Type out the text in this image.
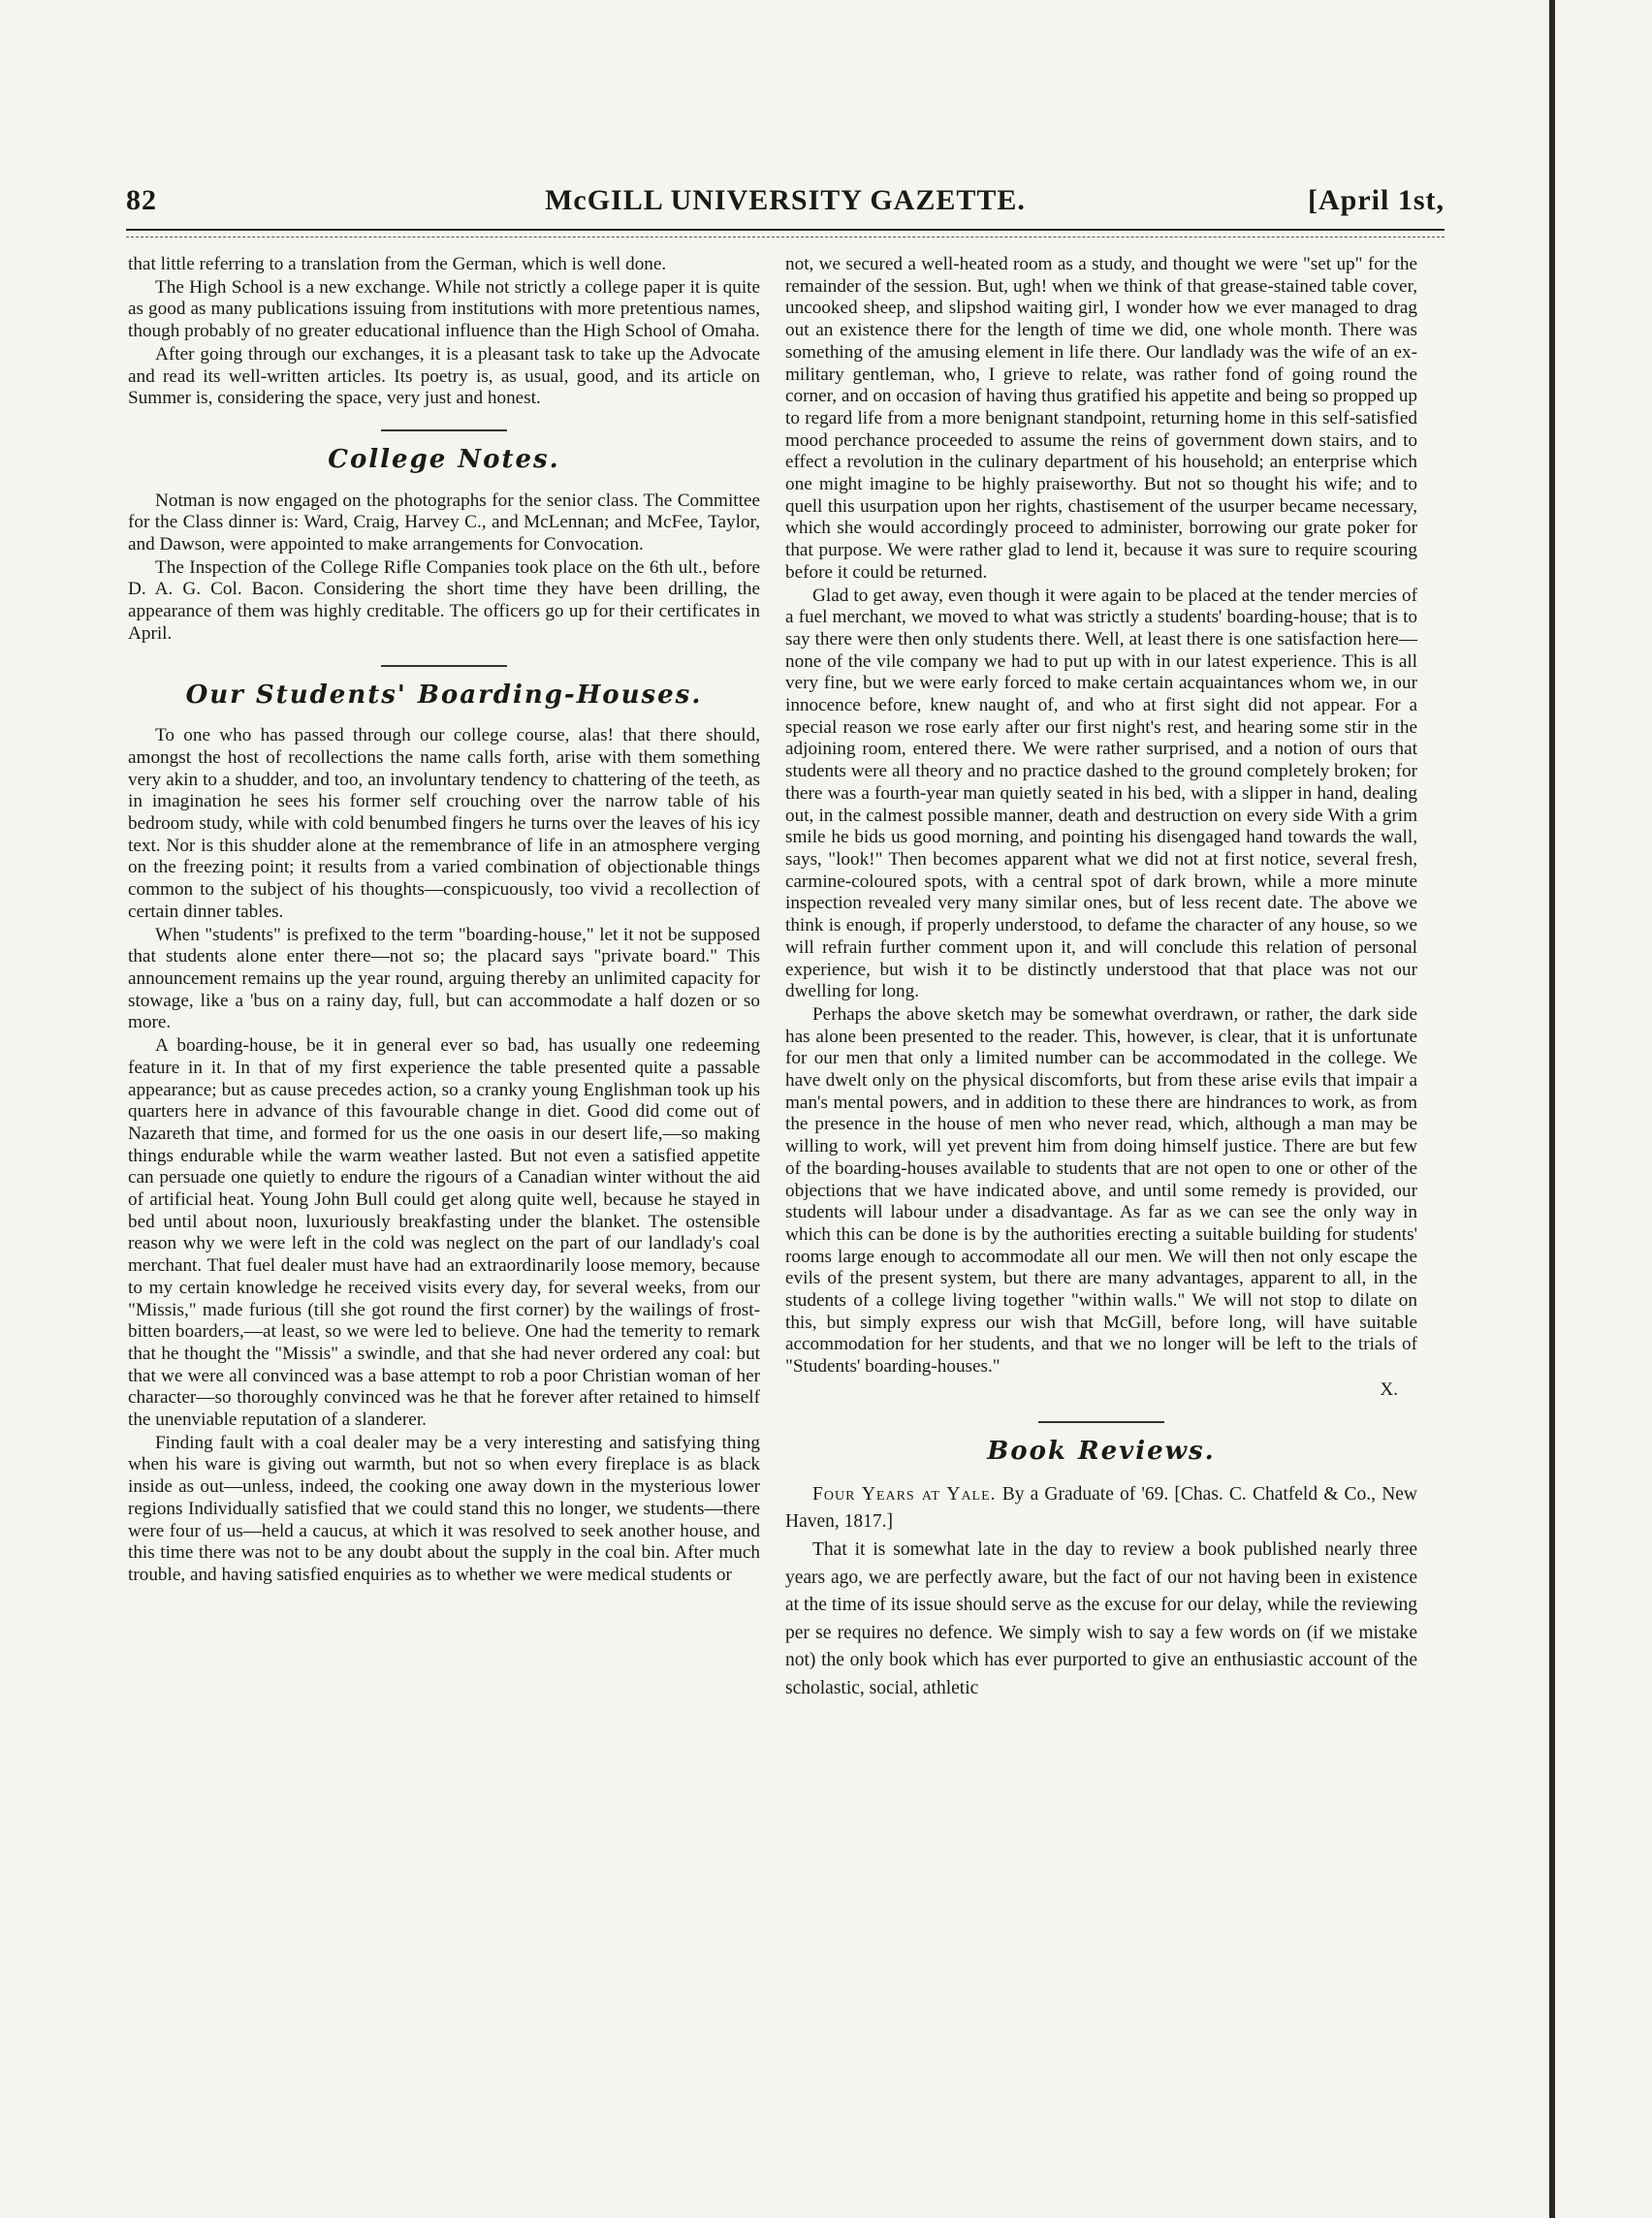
82	McGILL UNIVERSITY GAZETTE.	[April 1st,

that little referring to a translation from the German, which is well done.

The High School is a new exchange. While not strictly a college paper it is quite as good as many publications issuing from institutions with more pretentious names, though probably of no greater educational influence than the High School of Omaha.

After going through our exchanges, it is a pleasant task to take up the Advocate and read its well-written articles. Its poetry is, as usual, good, and its article on Summer is, considering the space, very just and honest.

College Notes.

Notman is now engaged on the photographs for the senior class. The Committee for the Class dinner is: Ward, Craig, Harvey C., and McLennan; and McFee, Taylor, and Dawson, were appointed to make arrangements for Convocation.

The Inspection of the College Rifle Companies took place on the 6th ult., before D. A. G. Col. Bacon. Considering the short time they have been drilling, the appearance of them was highly creditable. The officers go up for their certificates in April.

Our Students' Boarding-Houses.

To one who has passed through our college course, alas! that there should, amongst the host of recollections the name calls forth, arise with them something very akin to a shudder, and too, an involuntary tendency to chattering of the teeth, as in imagination he sees his former self crouching over the narrow table of his bedroom study, while with cold benumbed fingers he turns over the leaves of his icy text. Nor is this shudder alone at the remembrance of life in an atmosphere verging on the freezing point; it results from a varied combination of objectionable things common to the subject of his thoughts—conspicuously, too vivid a recollection of certain dinner tables.

When "students" is prefixed to the term "boarding-house," let it not be supposed that students alone enter there—not so; the placard says "private board." This announcement remains up the year round, arguing thereby an unlimited capacity for stowage, like a 'bus on a rainy day, full, but can accommodate a half dozen or so more.

A boarding-house, be it in general ever so bad, has usually one redeeming feature in it. In that of my first experience the table presented quite a passable appearance; but as cause precedes action, so a cranky young Englishman took up his quarters here in advance of this favourable change in diet. Good did come out of Nazareth that time, and formed for us the one oasis in our desert life,—so making things endurable while the warm weather lasted. But not even a satisfied appetite can persuade one quietly to endure the rigours of a Canadian winter without the aid of artificial heat. Young John Bull could get along quite well, because he stayed in bed until about noon, luxuriously breakfasting under the blanket. The ostensible reason why we were left in the cold was neglect on the part of our landlady's coal merchant. That fuel dealer must have had an extraordinarily loose memory, because to my certain knowledge he received visits every day, for several weeks, from our "Missis," made furious (till she got round the first corner) by the wailings of frost-bitten boarders,—at least, so we were led to believe. One had the temerity to remark that he thought the "Missis" a swindle, and that she had never ordered any coal: but that we were all convinced was a base attempt to rob a poor Christian woman of her character—so thoroughly convinced was he that he forever after retained to himself the unenviable reputation of a slanderer.

Finding fault with a coal dealer may be a very interesting and satisfying thing when his ware is giving out warmth, but not so when every fireplace is as black inside as out—unless, indeed, the cooking one away down in the mysterious lower regions Individually satisfied that we could stand this no longer, we students—there were four of us—held a caucus, at which it was resolved to seek another house, and this time there was not to be any doubt about the supply in the coal bin. After much trouble, and having satisfied enquiries as to whether we were medical students or

not, we secured a well-heated room as a study, and thought we were "set up" for the remainder of the session. But, ugh! when we think of that grease-stained table cover, uncooked sheep, and slipshod waiting girl, I wonder how we ever managed to drag out an existence there for the length of time we did, one whole month. There was something of the amusing element in life there. Our landlady was the wife of an ex-military gentleman, who, I grieve to relate, was rather fond of going round the corner, and on occasion of having thus gratified his appetite and being so propped up to regard life from a more benignant standpoint, returning home in this self-satisfied mood perchance proceeded to assume the reins of government down stairs, and to effect a revolution in the culinary department of his household; an enterprise which one might imagine to be highly praiseworthy. But not so thought his wife; and to quell this usurpation upon her rights, chastisement of the usurper became necessary, which she would accordingly proceed to administer, borrowing our grate poker for that purpose. We were rather glad to lend it, because it was sure to require scouring before it could be returned.

Glad to get away, even though it were again to be placed at the tender mercies of a fuel merchant, we moved to what was strictly a students' boarding-house; that is to say there were then only students there. Well, at least there is one satisfaction here—none of the vile company we had to put up with in our latest experience. This is all very fine, but we were early forced to make certain acquaintances whom we, in our innocence before, knew naught of, and who at first sight did not appear. For a special reason we rose early after our first night's rest, and hearing some stir in the adjoining room, entered there. We were rather surprised, and a notion of ours that students were all theory and no practice dashed to the ground completely broken; for there was a fourth-year man quietly seated in his bed, with a slipper in hand, dealing out, in the calmest possible manner, death and destruction on every side With a grim smile he bids us good morning, and pointing his disengaged hand towards the wall, says, "look!" Then becomes apparent what we did not at first notice, several fresh, carmine-coloured spots, with a central spot of dark brown, while a more minute inspection revealed very many similar ones, but of less recent date. The above we think is enough, if properly understood, to defame the character of any house, so we will refrain further comment upon it, and will conclude this relation of personal experience, but wish it to be distinctly understood that that place was not our dwelling for long.

Perhaps the above sketch may be somewhat overdrawn, or rather, the dark side has alone been presented to the reader. This, however, is clear, that it is unfortunate for our men that only a limited number can be accommodated in the college. We have dwelt only on the physical discomforts, but from these arise evils that impair a man's mental powers, and in addition to these there are hindrances to work, as from the presence in the house of men who never read, which, although a man may be willing to work, will yet prevent him from doing himself justice. There are but few of the boarding-houses available to students that are not open to one or other of the objections that we have indicated above, and until some remedy is provided, our students will labour under a disadvantage. As far as we can see the only way in which this can be done is by the authorities erecting a suitable building for students' rooms large enough to accommodate all our men. We will then not only escape the evils of the present system, but there are many advantages, apparent to all, in the students of a college living together "within walls." We will not stop to dilate on this, but simply express our wish that McGill, before long, will have suitable accommodation for her students, and that we no longer will be left to the trials of "Students' boarding-houses."

X.

Book Reviews.

Four Years at Yale. By a Graduate of '69. [Chas. C. Chatfeld & Co., New Haven, 1817.]

That it is somewhat late in the day to review a book published nearly three years ago, we are perfectly aware, but the fact of our not having been in existence at the time of its issue should serve as the excuse for our delay, while the reviewing per se requires no defence. We simply wish to say a few words on (if we mistake not) the only book which has ever purported to give an enthusiastic account of the scholastic, social, athletic
